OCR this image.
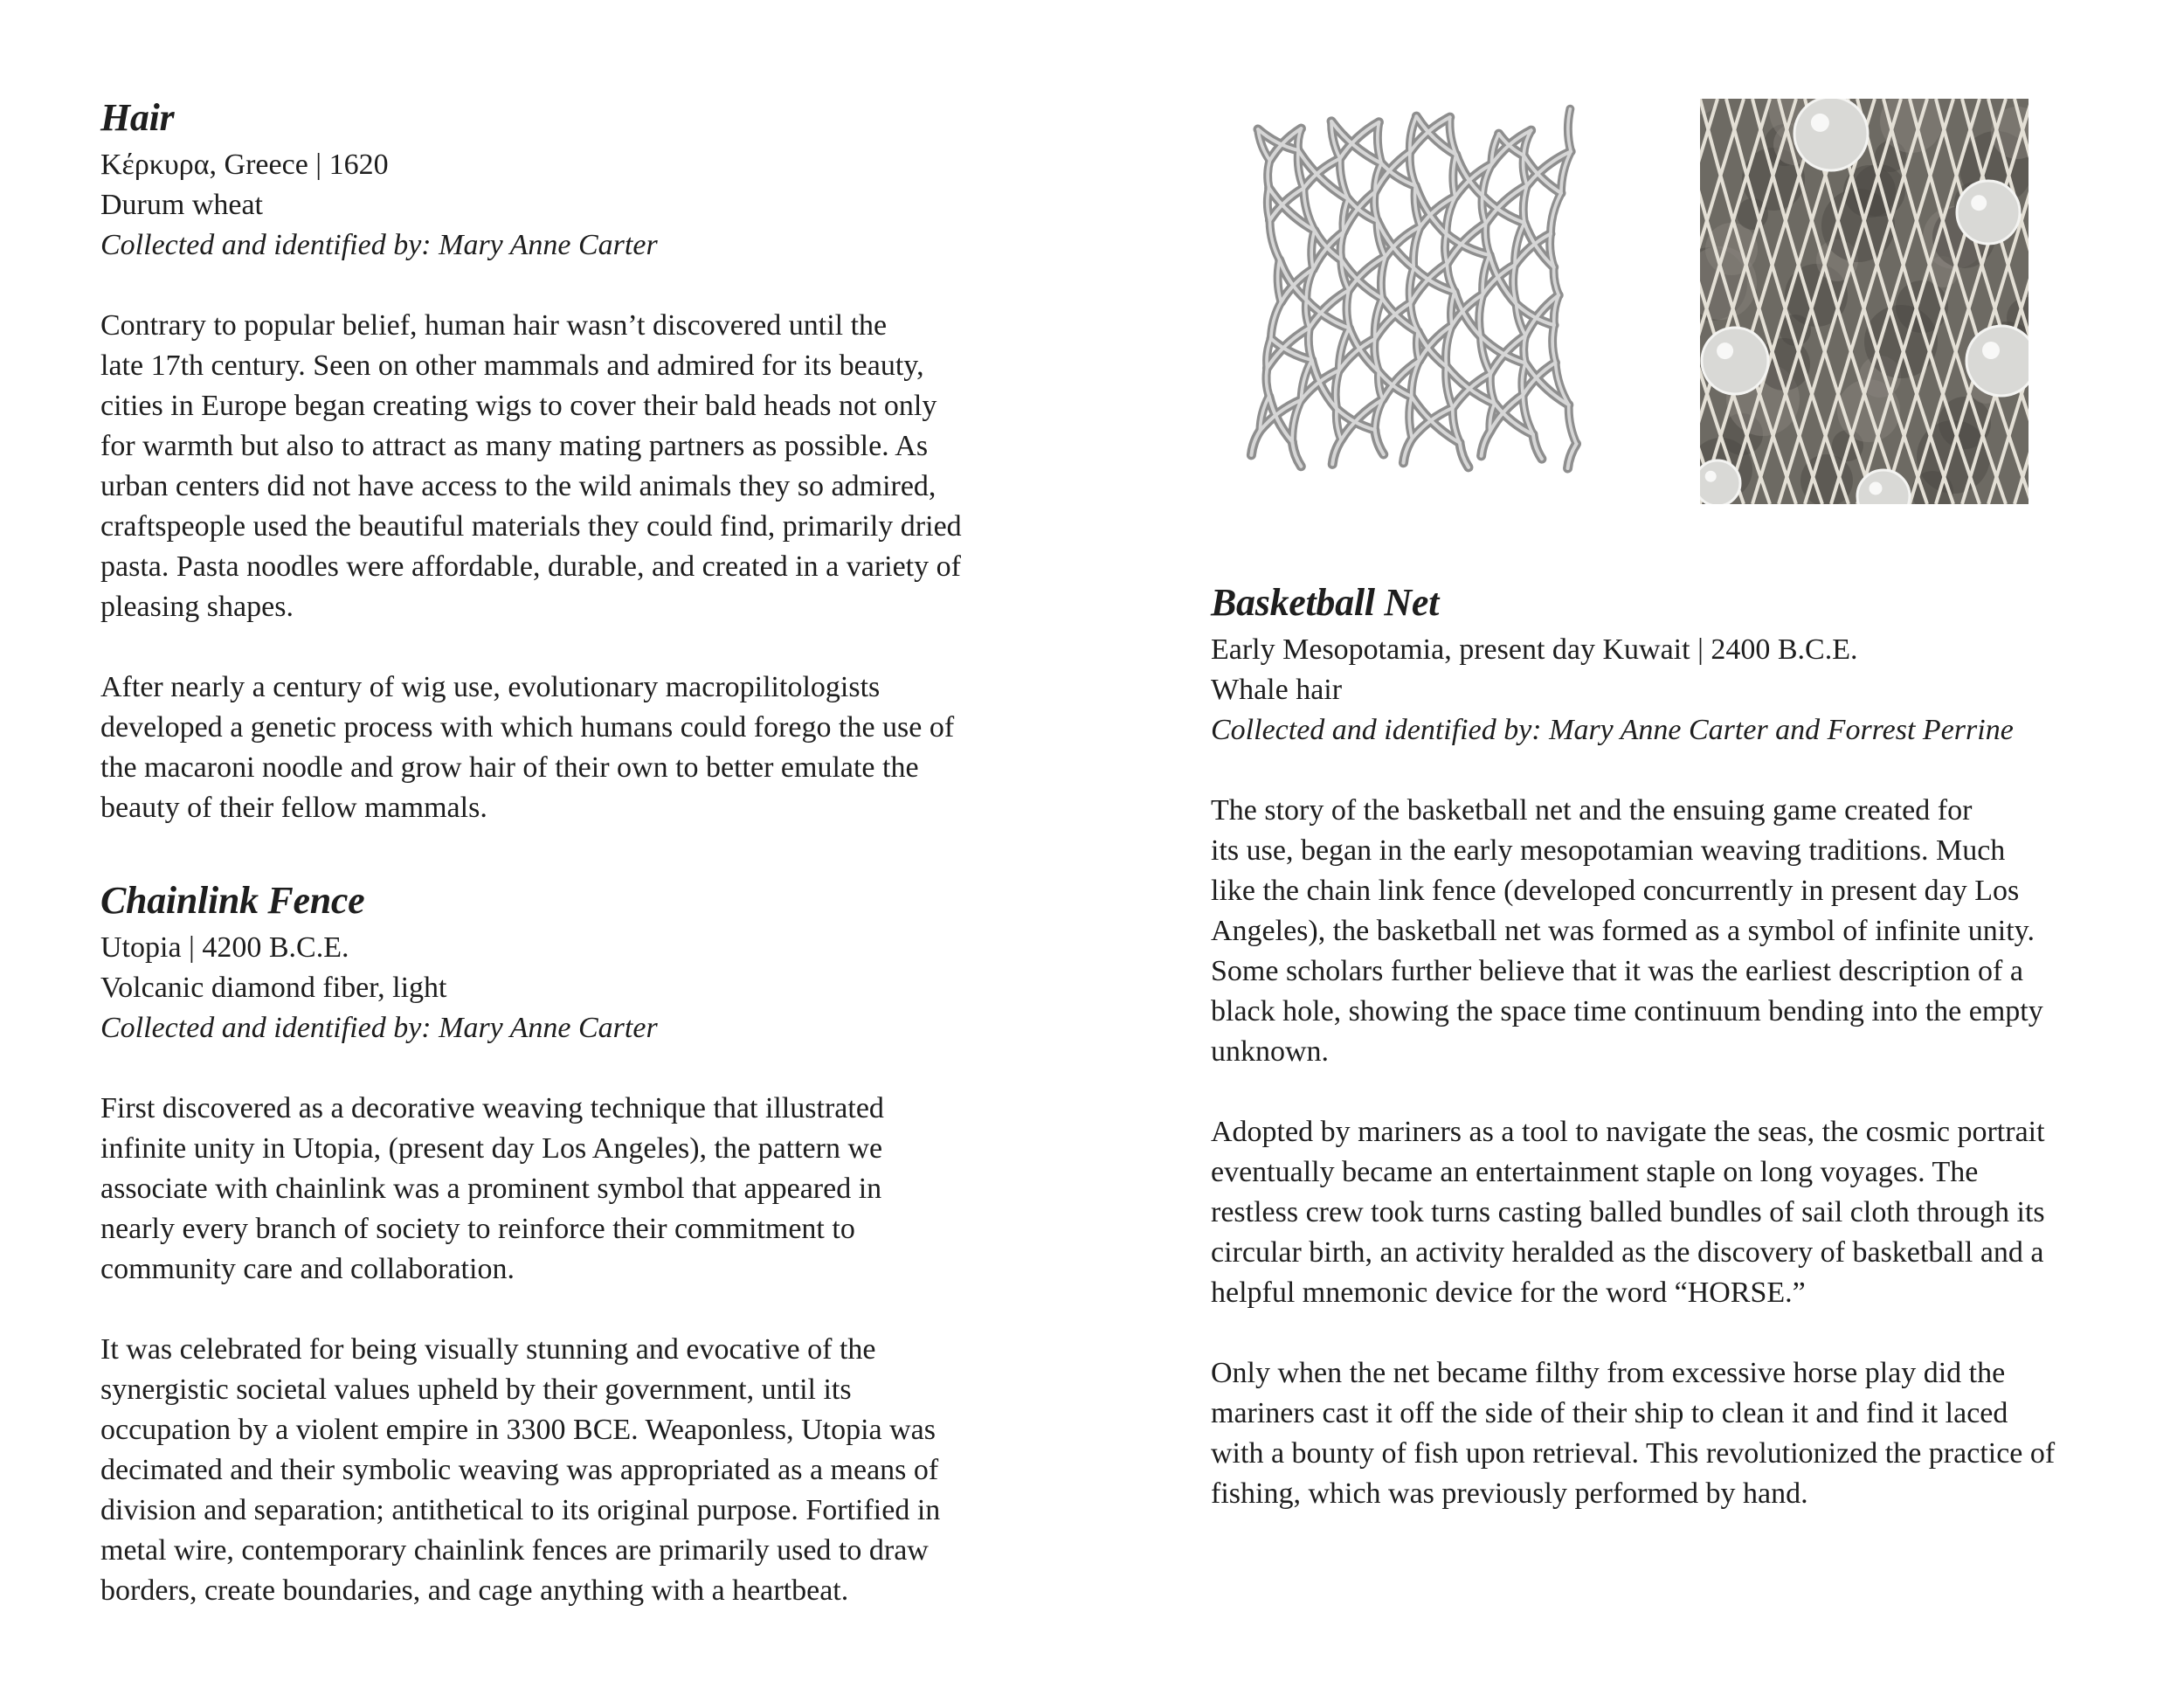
Hair

Κέρκυρα, Greece | 1620

Durum wheat

Collected and identified by: Mary Anne Carter

Contrary to popular belief, human hair wasn’t discovered until the
late 17th century. Seen on other mammals and admired for its beauty,
cities in Europe began creating wigs to cover their bald heads not only
for warmth but also to attract as many mating partners as possible. As
urban centers did not have access to the wild animals they so admired,
craftspeople used the beautiful materials they could find, primarily dried
pasta. Pasta noodles were affordable, durable, and created in a variety of
pleasing shapes.

After nearly a century of wig use, evolutionary macropilitologists
developed a genetic process with which humans could forego the use of
the macaroni noodle and grow hair of their own to better emulate the
beauty of their fellow mammals.

Chainlink Fence

Utopia | 4200 B.C.E.

Volcanic diamond fiber, light

Collected and identified by: Mary Anne Carter

First discovered as a decorative weaving technique that illustrated
infinite unity in Utopia, (present day Los Angeles), the pattern we
associate with chainlink was a prominent symbol that appeared in
nearly every branch of society to reinforce their commitment to
community care and collaboration.

It was celebrated for being visually stunning and evocative of the
synergistic societal values upheld by their government, until its
occupation by a violent empire in 3300 BCE. Weaponless, Utopia was
decimated and their symbolic weaving was appropriated as a means of
division and separation; antithetical to its original purpose. Fortified in
metal wire, contemporary chainlink fences are primarily used to draw
borders, create boundaries, and cage anything with a heartbeat.

Basketball Net

Early Mesopotamia, present day Kuwait | 2400 B.C.E.

Whale hair

Collected and identified by: Mary Anne Carter and Forrest Perrine

The story of the basketball net and the ensuing game created for
its use, began in the early mesopotamian weaving traditions. Much
like the chain link fence (developed concurrently in present day Los
Angeles), the basketball net was formed as a symbol of infinite unity.
Some scholars further believe that it was the earliest description of a
black hole, showing the space time continuum bending into the empty
unknown.

Adopted by mariners as a tool to navigate the seas, the cosmic portrait
eventually became an entertainment staple on long voyages. The
restless crew took turns casting balled bundles of sail cloth through its
circular birth, an activity heralded as the discovery of basketball and a
helpful mnemonic device for the word “HORSE.”

Only when the net became filthy from excessive horse play did the
mariners cast it off the side of their ship to clean it and find it laced
with a bounty of fish upon retrieval. This revolutionized the practice of
fishing, which was previously performed by hand.
